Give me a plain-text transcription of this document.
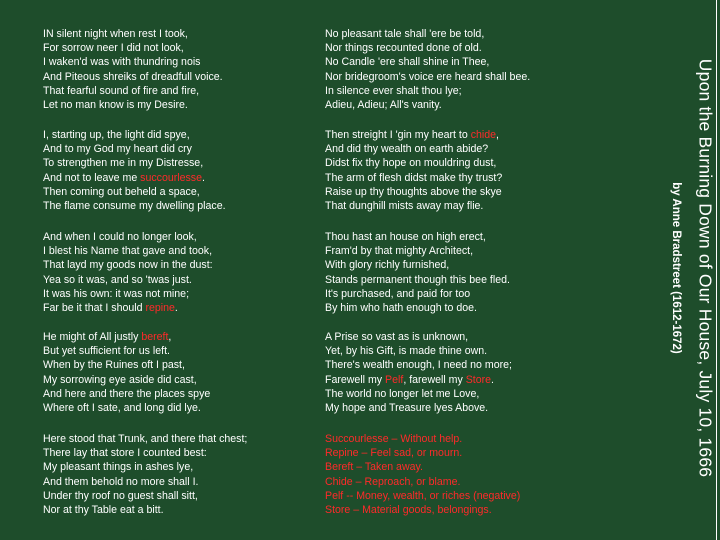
IN silent night when rest I took,
For sorrow neer I did not look,
I waken'd was with thundring nois
And Piteous shreiks of dreadfull voice.
That fearful sound of fire and fire,
Let no man know is my Desire.
I, starting up, the light did spye,
And to my God my heart did cry
To strengthen me in my Distresse,
And not to leave me succourlesse.
Then coming out beheld a space,
The flame consume my dwelling place.
And when I could no longer look,
I blest his Name that gave and took,
That layd my goods now in the dust:
Yea so it was, and so 'twas just.
It was his own: it was not mine;
Far be it that I should repine.
He might of All justly bereft,
But yet sufficient for us left.
When by the Ruines oft I past,
My sorrowing eye aside did cast,
And here and there the places spye
Where oft I sate, and long did lye.
Here stood that Trunk, and there that chest;
There lay that store I counted best:
My pleasant things in ashes lye,
And them behold no more shall I.
Under thy roof no guest shall sitt,
Nor at thy Table eat a bitt.
No pleasant tale shall 'ere be told,
Nor things recounted done of old.
No Candle 'ere shall shine in Thee,
Nor bridegroom's voice ere heard shall bee.
In silence ever shalt thou lye;
Adieu, Adieu; All's vanity.
Then streight I 'gin my heart to chide,
And did thy wealth on earth abide?
Didst fix thy hope on mouldring dust,
The arm of flesh didst make thy trust?
Raise up thy thoughts above the skye
That dunghill mists away may flie.
Thou hast an house on high erect,
Fram'd by that mighty Architect,
With glory richly furnished,
Stands permanent though this bee fled.
It's purchased, and paid for too
By him who hath enough to doe.
A Prise so vast as is unknown,
Yet, by his Gift, is made thine own.
There's wealth enough, I need no more;
Farewell my Pelf, farewell my Store.
The world no longer let me Love,
My hope and Treasure lyes Above.
Succourlesse – Without help.
Repine – Feel sad, or mourn.
Bereft – Taken away.
Chide – Reproach, or blame.
Pelf -- Money, wealth, or riches (negative)
Store – Material goods, belongings.
Upon the Burning Down of Our House, July 10, 1666
by Anne Bradstreet (1612-1672)
